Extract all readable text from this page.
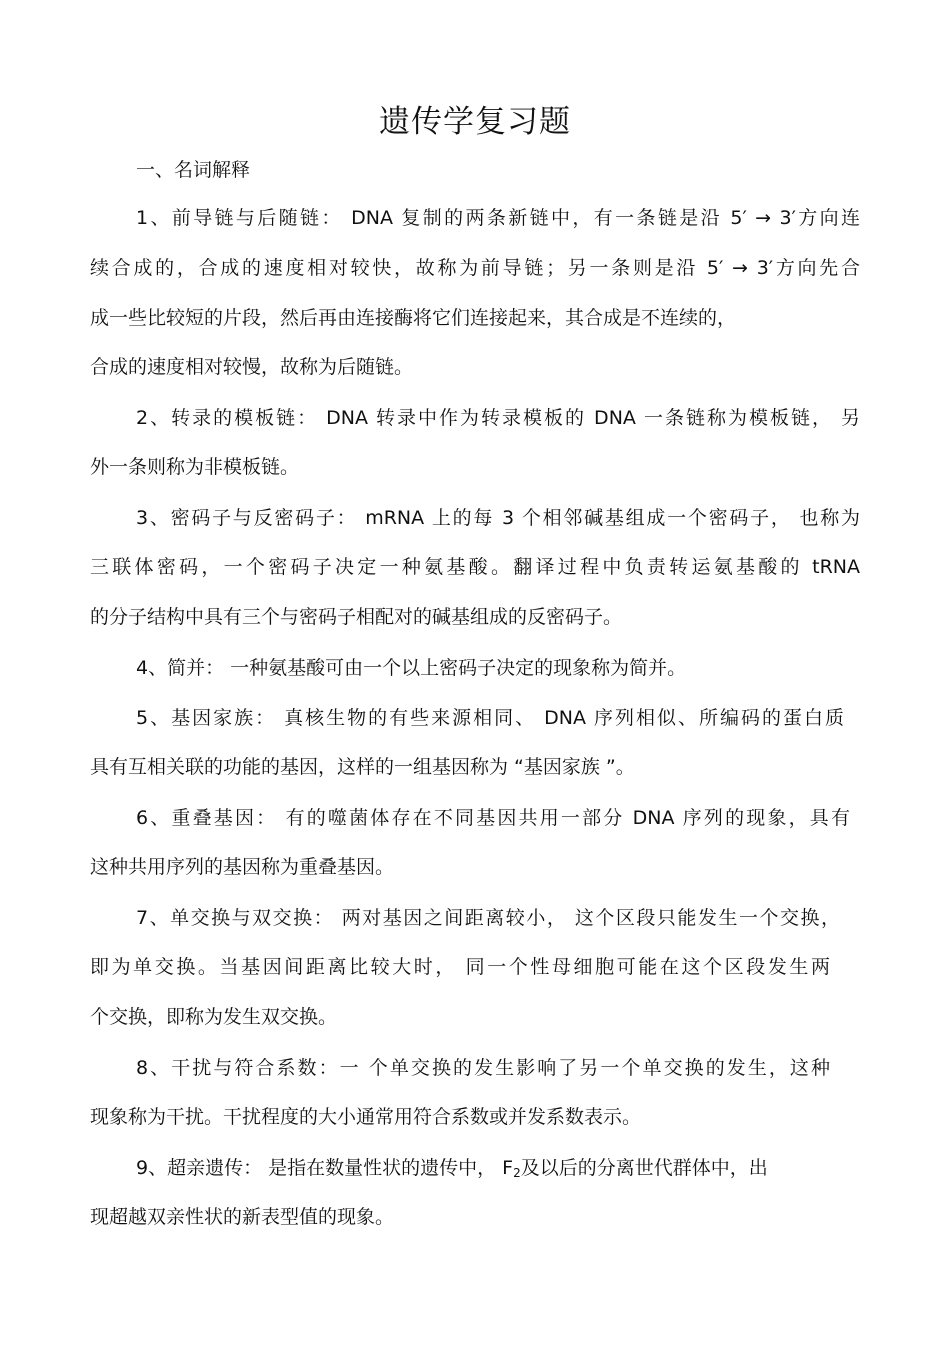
遗传学复习题
一、名词解释

1、前导链与后随链： DNA 复制的两条新链中，有一条链是沿 5′ → 3′方向连

续合成的，合成的速度相对较快，故称为前导链；另一条则是沿 5′ → 3′方向先合

成一些比较短的片段，然后再由连接酶将它们连接起来，其合成是不连续的，

合成的速度相对较慢，故称为后随链。

2、转录的模板链： DNA 转录中作为转录模板的 DNA 一条链称为模板链， 另

外一条则称为非模板链。

3、密码子与反密码子： mRNA 上的每 3 个相邻碱基组成一个密码子， 也称为

三联体密码，一个密码子决定一种氨基酸。翻译过程中负责转运氨基酸的 tRNA

的分子结构中具有三个与密码子相配对的碱基组成的反密码子。

4、简并： 一种氨基酸可由一个以上密码子决定的现象称为简并。

5、基因家族： 真核生物的有些来源相同、 DNA 序列相似、所编码的蛋白质

具有互相关联的功能的基因，这样的一组基因称为 “基因家族 ”。

6、重叠基因： 有的噬菌体存在不同基因共用一部分 DNA 序列的现象，具有

这种共用序列的基因称为重叠基因。

7、单交换与双交换： 两对基因之间距离较小， 这个区段只能发生一个交换，

即为单交换。当基因间距离比较大时， 同一个性母细胞可能在这个区段发生两

个交换，即称为发生双交换。

8、干扰与符合系数：一 个单交换的发生影响了另一个单交换的发生，这种

现象称为干扰。干扰程度的大小通常用符合系数或并发系数表示。

9、超亲遗传： 是指在数量性状的遗传中， $F_2$及以后的分离世代群体中，出

现超越双亲性状的新表型值的现象。
